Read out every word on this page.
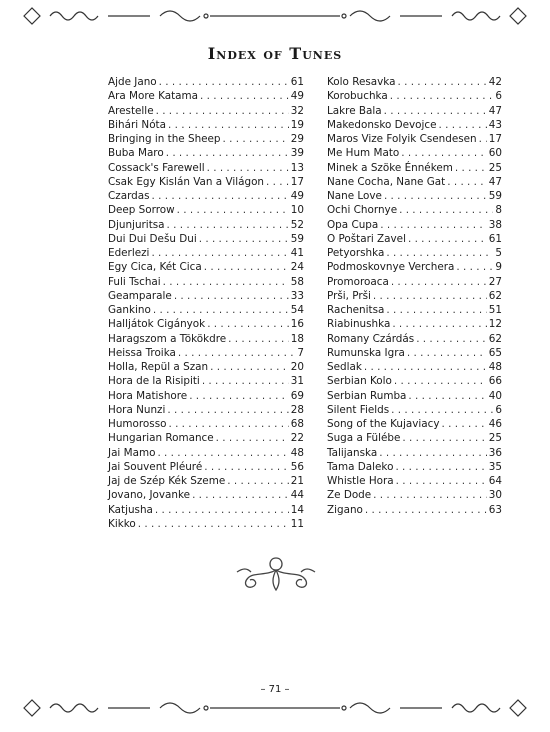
Index of Tunes
Ajde Jano . . .	61
Ara More Katama . . .	49
Arestelle . . .	32
Bihári Nóta . . .	19
Bringing in the Sheep . . .	29
Buba Maro . . .	39
Cossack's Farewell . . .	13
Csak Egy Kislán Van a Világon . . .	17
Czardas . . .	49
Deep Sorrow . . .	10
Djunjuritsa . . .	52
Dui Dui Dešu Dui . . .	59
Ederlezi . . .	41
Egy Cica, Két Cica . . .	24
Fuli Tschai . . .	58
Geamparale . . .	33
Gankino . . .	54
Halljátok Cigányok . . .	16
Haragszom a Tökökdre . . .	18
Heissa Troika . . .	7
Holla, Repül a Szan . . .	20
Hora de la Risipiti . . .	31
Hora Matishore . . .	69
Hora Nunzi . . .	28
Humorosso . . .	68
Hungarian Romance . . .	22
Jai Mamo . . .	48
Jai Souvent Pléuré . . .	56
Jaj de Szép Kék Szeme . . .	21
Jovano, Jovanke . . .	44
Katjusha . . .	14
Kikko . . .	11
Kolo Resavka . . .	42
Korobuchka . . .	6
Lakre Bala . . .	47
Makedonsko Devojce . . .	43
Maros Vize Folyik Csendesen . . . 17
Me Hum Mato . . .	60
Minek a Szöke Énnékem . . .	25
Nane Cocha, Nane Gat . . .	47
Nane Love . . .	59
Ochi Chornye . . .	8
Opa Cupa . . .	38
O Poštari Zavel . . .	61
Petyorshka . . .	5
Podmoskovnye Verchera . . .	9
Promoroaca . . .	27
Prši, Prši . . .	62
Rachenitsa . . .	51
Riabinushka . . .	12
Romany Czárdás . . .	62
Rumunska Igra . . .	65
Sedlak . . .	48
Serbian Kolo . . .	66
Serbian Rumba . . .	40
Silent Fields . . .	6
Song of the Kujaviacy . . .	46
Suga a Fülébe . . .	25
Talijanska . . .	36
Tama Daleko . . .	35
Whistle Hora . . .	64
Ze Dode . . .	30
Zigano . . .	63
– 71 –
